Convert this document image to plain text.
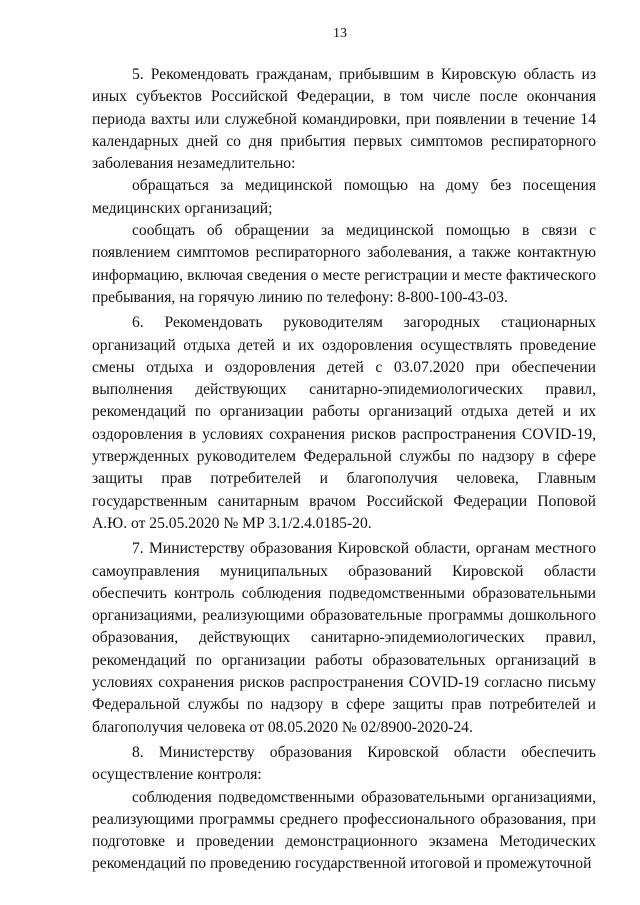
13

5. Рекомендовать гражданам, прибывшим в Кировскую область из иных субъектов Российской Федерации, в том числе после окончания периода вахты или служебной командировки, при появлении в течение 14 календарных дней со дня прибытия первых симптомов респираторного заболевания незамедлительно:

обращаться за медицинской помощью на дому без посещения медицинских организаций;

сообщать об обращении за медицинской помощью в связи с появлением симптомов респираторного заболевания, а также контактную информацию, включая сведения о месте регистрации и месте фактического пребывания, на горячую линию по телефону: 8-800-100-43-03.

6. Рекомендовать руководителям загородных стационарных организаций отдыха детей и их оздоровления осуществлять проведение смены отдыха и оздоровления детей с 03.07.2020 при обеспечении выполнения действующих санитарно-эпидемиологических правил, рекомендаций по организации работы организаций отдыха детей и их оздоровления в условиях сохранения рисков распространения COVID-19, утвержденных руководителем Федеральной службы по надзору в сфере защиты прав потребителей и благополучия человека, Главным государственным санитарным врачом Российской Федерации Поповой А.Ю. от 25.05.2020 № МР 3.1/2.4.0185-20.

7. Министерству образования Кировской области, органам местного самоуправления муниципальных образований Кировской области обеспечить контроль соблюдения подведомственными образовательными организациями, реализующими образовательные программы дошкольного образования, действующих санитарно-эпидемиологических правил, рекомендаций по организации работы образовательных организаций в условиях сохранения рисков распространения COVID-19 согласно письму Федеральной службы по надзору в сфере защиты прав потребителей и благополучия человека от 08.05.2020 № 02/8900-2020-24.

8. Министерству образования Кировской области обеспечить осуществление контроля:

соблюдения подведомственными образовательными организациями, реализующими программы среднего профессионального образования, при подготовке и проведении демонстрационного экзамена Методических рекомендаций по проведению государственной итоговой и промежуточной
